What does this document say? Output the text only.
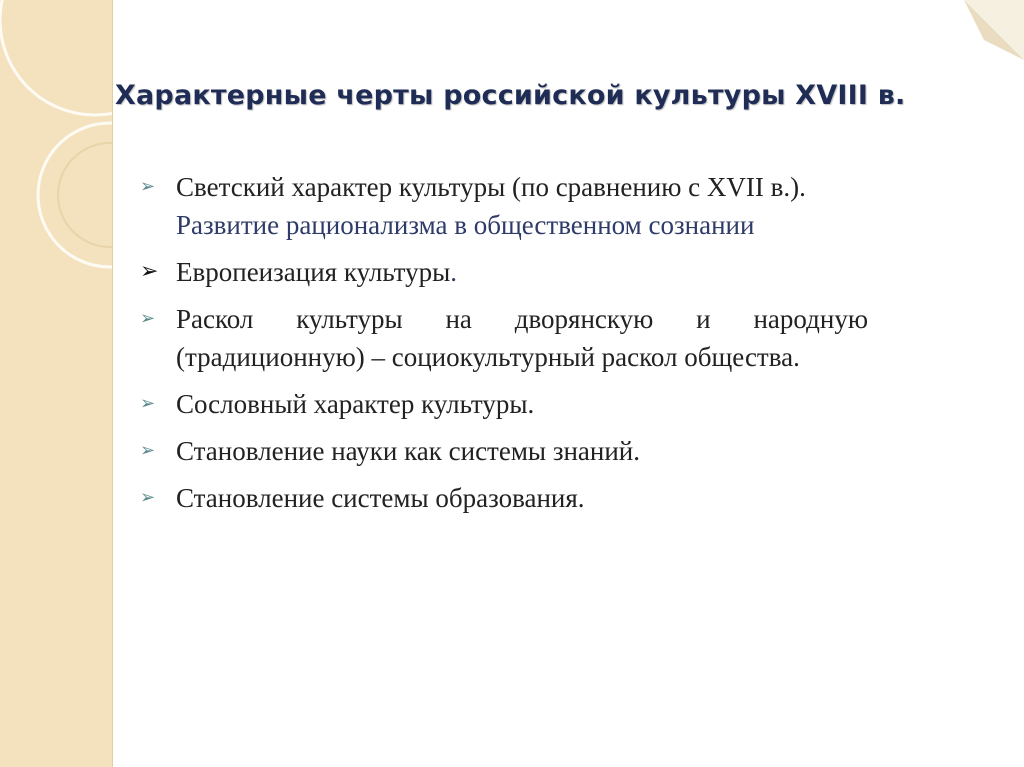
Характерные черты российской культуры XVIII в.
➢ Светский характер культуры (по сравнению с XVII в.). Развитие рационализма в общественном сознании
➢ Европеизация культуры.
➢ Раскол культуры на дворянскую и народную (традиционную) – социокультурный раскол общества.
➢ Сословный характер культуры.
➢ Становление науки как системы знаний.
➢ Становление системы образования.
